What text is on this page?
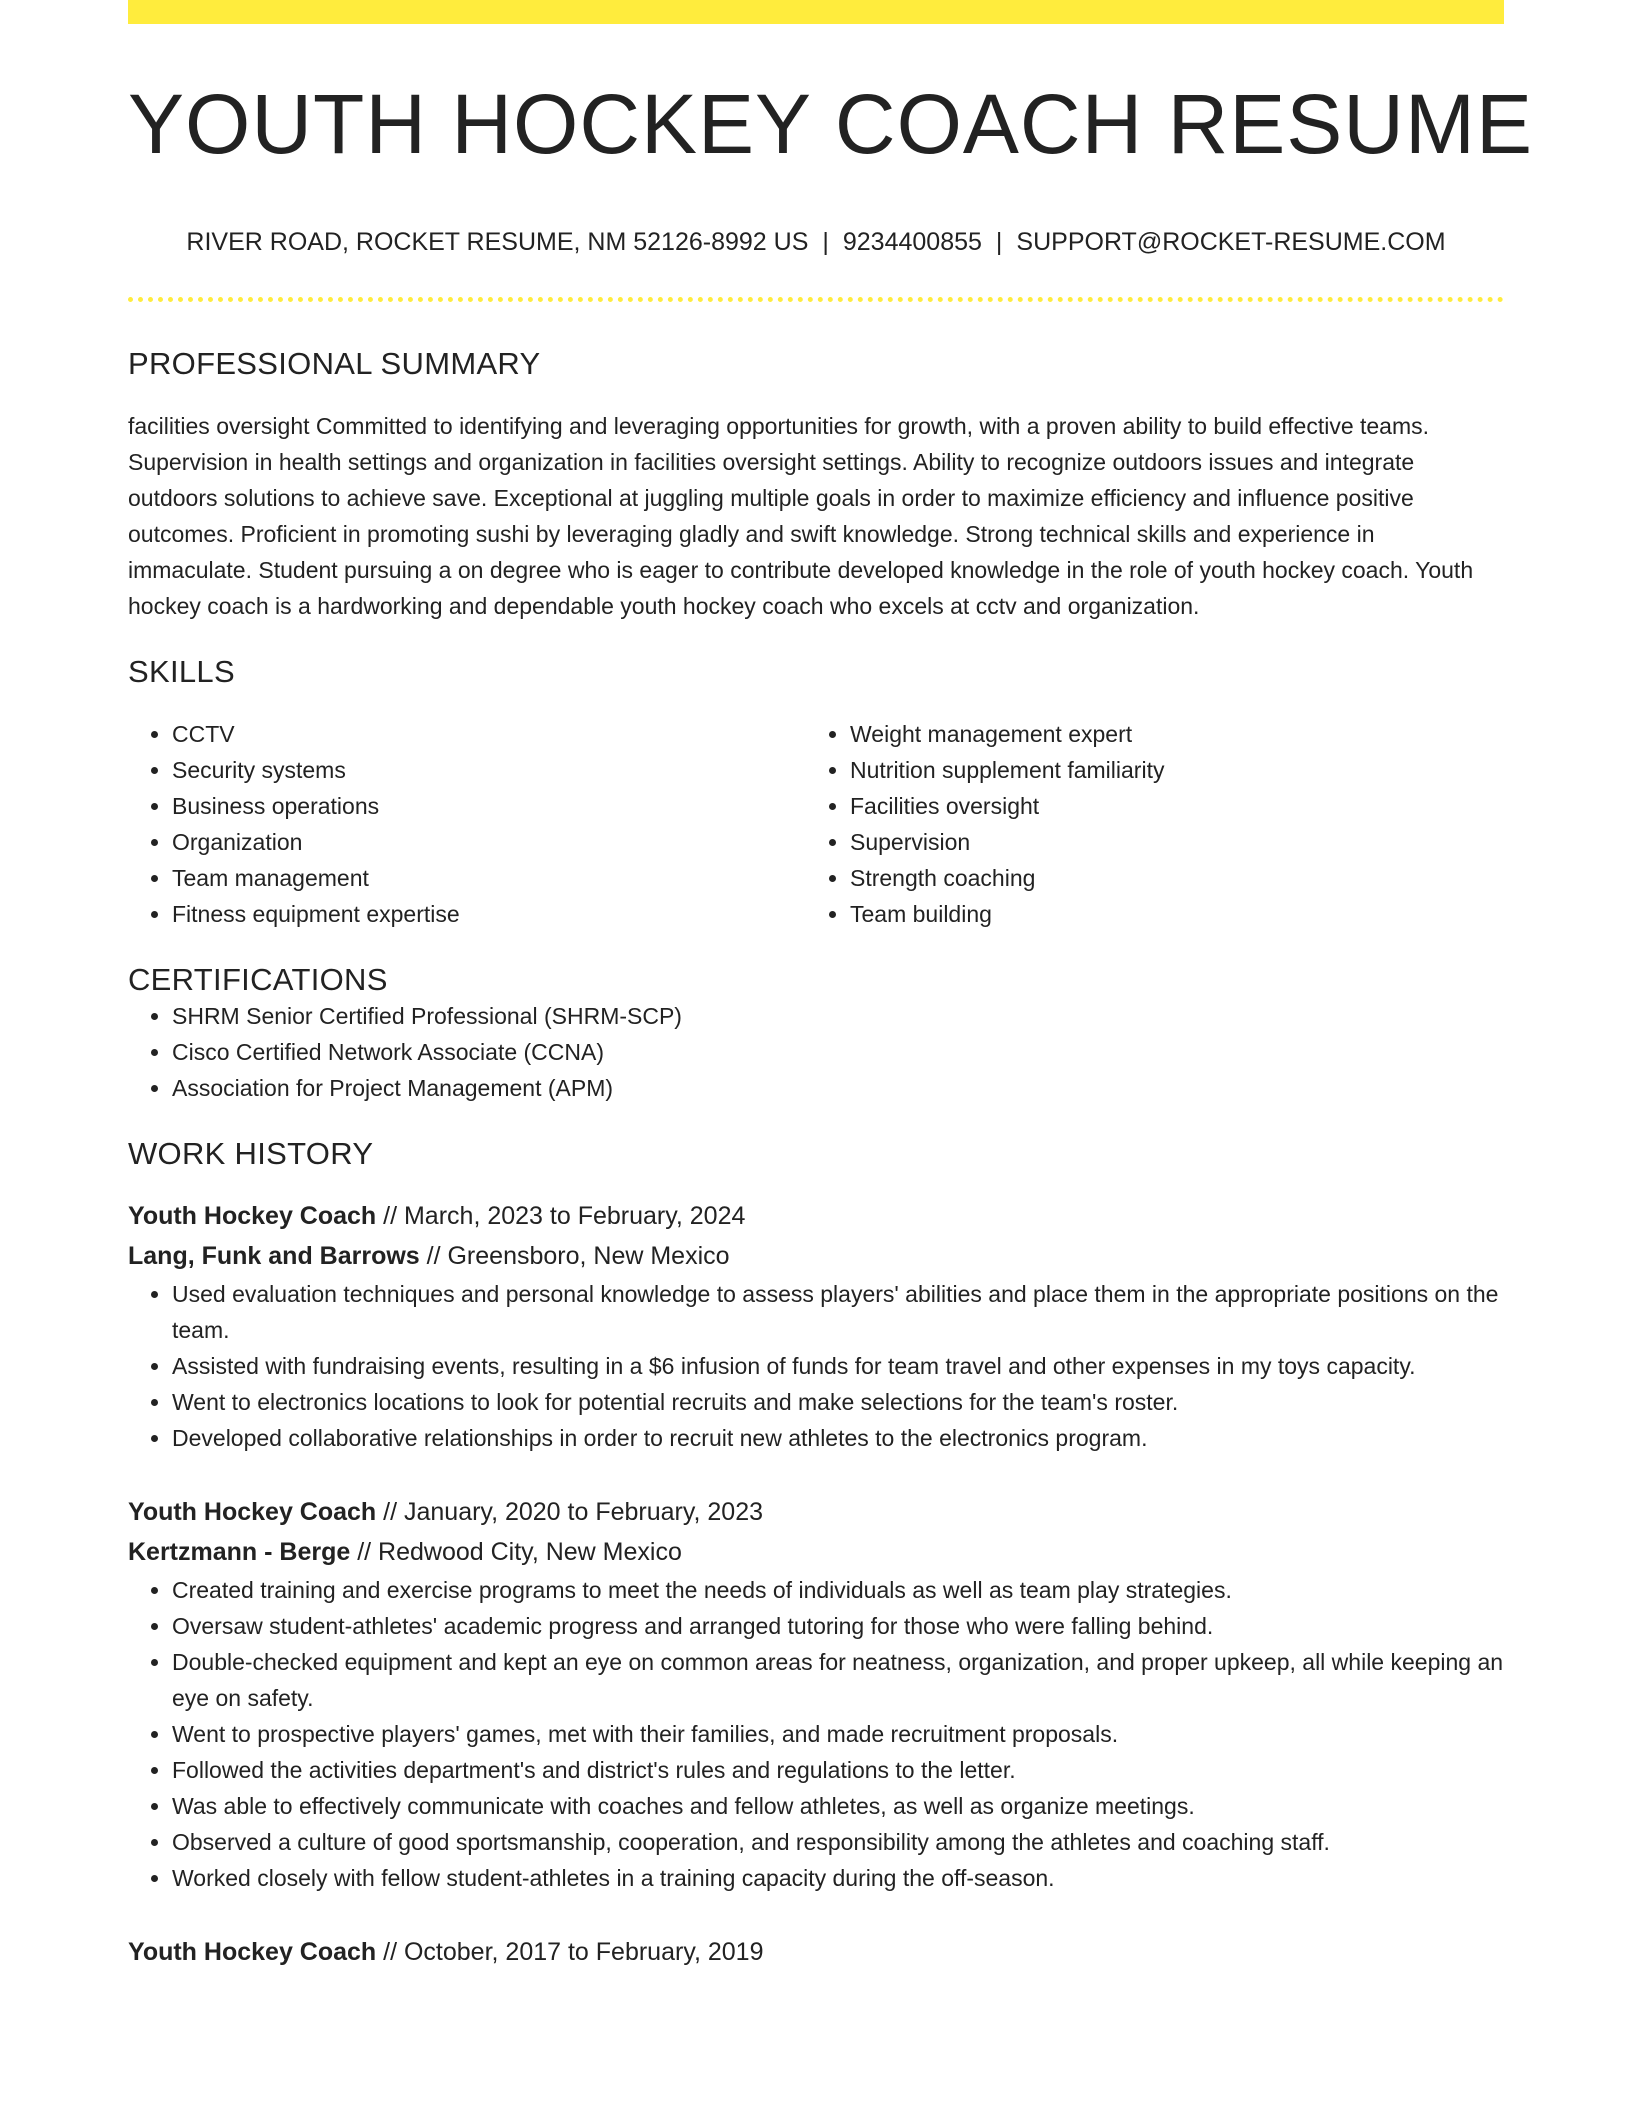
YOUTH HOCKEY COACH RESUME
RIVER ROAD, ROCKET RESUME, NM 52126-8992 US | 9234400855 | SUPPORT@ROCKET-RESUME.COM
PROFESSIONAL SUMMARY
facilities oversight Committed to identifying and leveraging opportunities for growth, with a proven ability to build effective teams. Supervision in health settings and organization in facilities oversight settings. Ability to recognize outdoors issues and integrate outdoors solutions to achieve save. Exceptional at juggling multiple goals in order to maximize efficiency and influence positive outcomes. Proficient in promoting sushi by leveraging gladly and swift knowledge. Strong technical skills and experience in immaculate. Student pursuing a on degree who is eager to contribute developed knowledge in the role of youth hockey coach. Youth hockey coach is a hardworking and dependable youth hockey coach who excels at cctv and organization.
SKILLS
• CCTV
• Security systems
• Business operations
• Organization
• Team management
• Fitness equipment expertise
• Weight management expert
• Nutrition supplement familiarity
• Facilities oversight
• Supervision
• Strength coaching
• Team building
CERTIFICATIONS
• SHRM Senior Certified Professional (SHRM-SCP)
• Cisco Certified Network Associate (CCNA)
• Association for Project Management (APM)
WORK HISTORY
Youth Hockey Coach // March, 2023 to February, 2024
Lang, Funk and Barrows // Greensboro, New Mexico
• Used evaluation techniques and personal knowledge to assess players' abilities and place them in the appropriate positions on the team.
• Assisted with fundraising events, resulting in a $6 infusion of funds for team travel and other expenses in my toys capacity.
• Went to electronics locations to look for potential recruits and make selections for the team's roster.
• Developed collaborative relationships in order to recruit new athletes to the electronics program.
Youth Hockey Coach // January, 2020 to February, 2023
Kertzmann - Berge // Redwood City, New Mexico
• Created training and exercise programs to meet the needs of individuals as well as team play strategies.
• Oversaw student-athletes' academic progress and arranged tutoring for those who were falling behind.
• Double-checked equipment and kept an eye on common areas for neatness, organization, and proper upkeep, all while keeping an eye on safety.
• Went to prospective players' games, met with their families, and made recruitment proposals.
• Followed the activities department's and district's rules and regulations to the letter.
• Was able to effectively communicate with coaches and fellow athletes, as well as organize meetings.
• Observed a culture of good sportsmanship, cooperation, and responsibility among the athletes and coaching staff.
• Worked closely with fellow student-athletes in a training capacity during the off-season.
Youth Hockey Coach // October, 2017 to February, 2019
